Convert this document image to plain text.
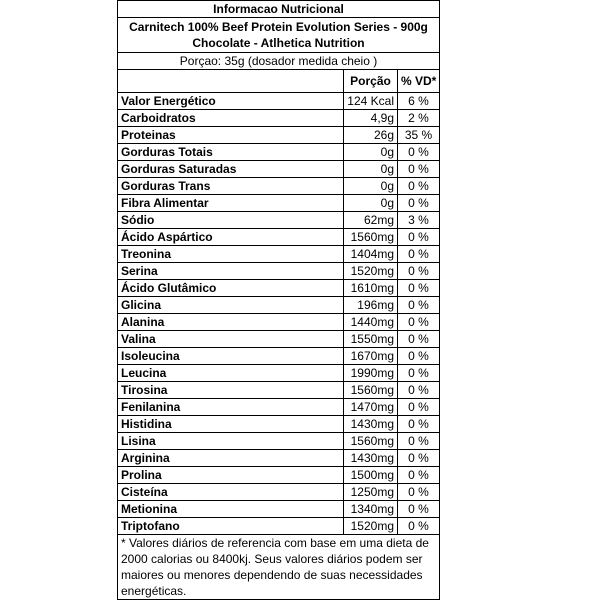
Informacao Nutricional		
Carnitech 100% Beef Protein Evolution Series - 900g Chocolate - Atlhetica Nutrition		
Porçao: 35g (dosador medida cheio )		
	Porção	% VD*
Valor Energético	124 Kcal	6 %
Carboidratos	4,9g	2 %
Proteinas	26g	35 %
Gorduras Totais	0g	0 %
Gorduras Saturadas	0g	0 %
Gorduras Trans	0g	0 %
Fibra Alimentar	0g	0 %
Sódio	62mg	3 %
Ácido Aspártico	1560mg	0 %
Treonina	1404mg	0 %
Serina	1520mg	0 %
Ácido Glutâmico	1610mg	0 %
Glicina	196mg	0 %
Alanina	1440mg	0 %
Valina	1550mg	0 %
Isoleucina	1670mg	0 %
Leucina	1990mg	0 %
Tirosina	1560mg	0 %
Fenilanina	1470mg	0 %
Histidina	1430mg	0 %
Lisina	1560mg	0 %
Arginina	1430mg	0 %
Prolina	1500mg	0 %
Cisteína	1250mg	0 %
Metionina	1340mg	0 %
Triptofano	1520mg	0 %
* Valores diários de referencia com base em uma dieta de 2000 calorias ou 8400kj. Seus valores diários podem ser maiores ou menores dependendo de suas necessidades energéticas.		
